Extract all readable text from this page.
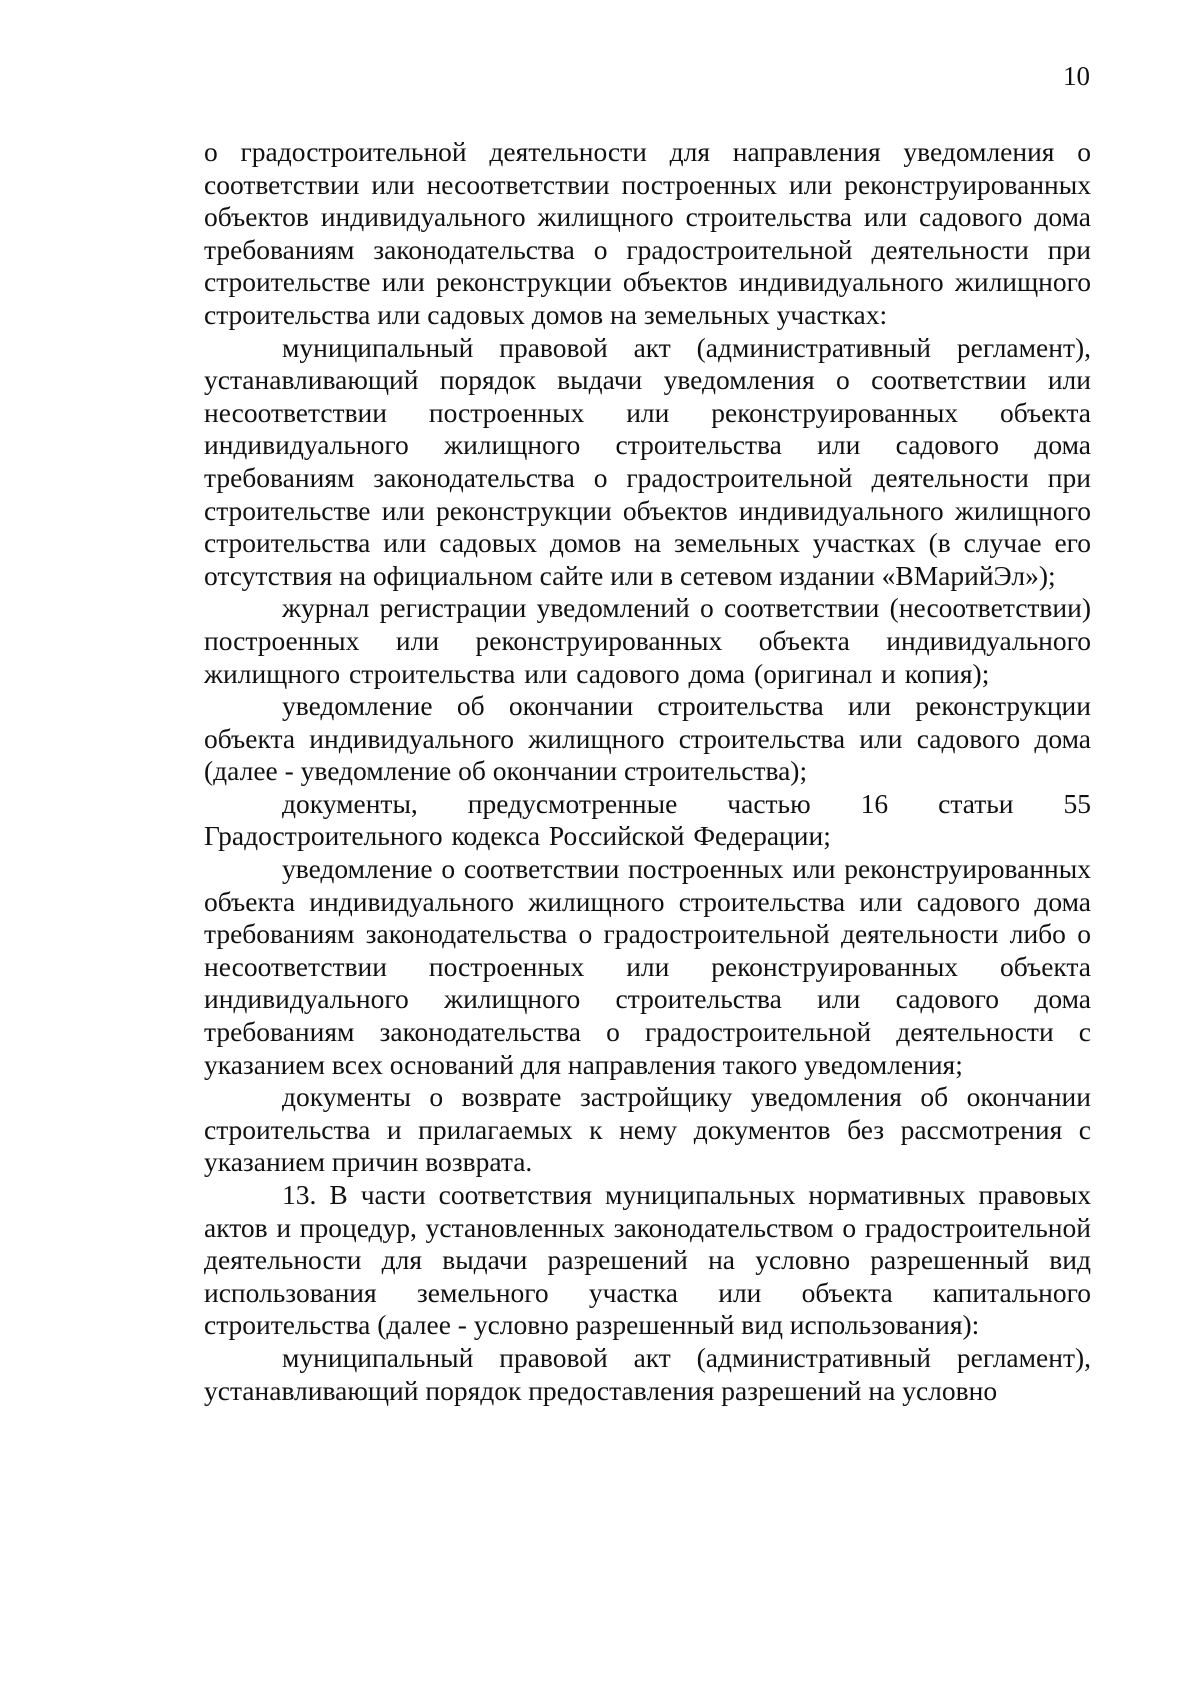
10

о градостроительной деятельности для направления уведомления о соответствии или несоответствии построенных или реконструированных объектов индивидуального жилищного строительства или садового дома требованиям законодательства о градостроительной деятельности при строительстве или реконструкции объектов индивидуального жилищного строительства или садовых домов на земельных участках:

муниципальный правовой акт (административный регламент), устанавливающий порядок выдачи уведомления о соответствии или несоответствии построенных или реконструированных объекта индивидуального жилищного строительства или садового дома требованиям законодательства о градостроительной деятельности при строительстве или реконструкции объектов индивидуального жилищного строительства или садовых домов на земельных участках (в случае его отсутствия на официальном сайте или в сетевом издании «ВМарийЭл»);

журнал регистрации уведомлений о соответствии (несоответствии) построенных или реконструированных объекта индивидуального жилищного строительства или садового дома (оригинал и копия);

уведомление об окончании строительства или реконструкции объекта индивидуального жилищного строительства или садового дома (далее - уведомление об окончании строительства);

документы, предусмотренные частью 16 статьи 55 Градостроительного кодекса Российской Федерации;

уведомление о соответствии построенных или реконструированных объекта индивидуального жилищного строительства или садового дома требованиям законодательства о градостроительной деятельности либо о несоответствии построенных или реконструированных объекта индивидуального жилищного строительства или садового дома требованиям законодательства о градостроительной деятельности с указанием всех оснований для направления такого уведомления;

документы о возврате застройщику уведомления об окончании строительства и прилагаемых к нему документов без рассмотрения с указанием причин возврата.

13. В части соответствия муниципальных нормативных правовых актов и процедур, установленных законодательством о градостроительной деятельности для выдачи разрешений на условно разрешенный вид использования земельного участка или объекта капитального строительства (далее - условно разрешенный вид использования):

муниципальный правовой акт (административный регламент), устанавливающий порядок предоставления разрешений на условно
